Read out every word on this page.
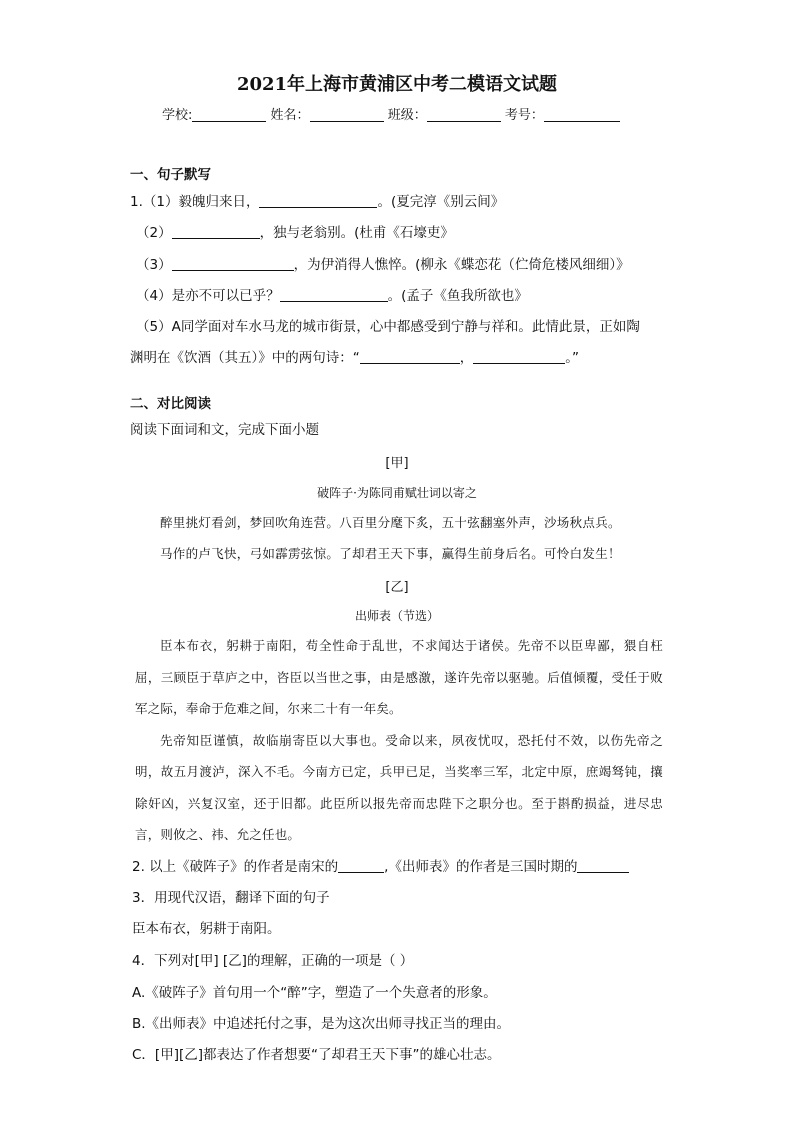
2021年上海市黄浦区中考二模语文试题
学校:	姓名：	班级：	考号：
一、句子默写
1.（1）毅魄归来日，	。(夏完淳《别云间》
（2）	，独与老翁别。(杜甫《石壕吏》
（3）	，为伊消得人憔悴。(柳永《蝶恋花（伫倚危楼风细细）》
（4）是亦不可以已乎？	。(孟子《鱼我所欲也》
（5）A同学面对车水马龙的城市街景，心中都感受到宁静与祥和。此情此景，正如陶
渊明在《饮酒（其五）》中的两句诗：“	，	。”
二、对比阅读
阅读下面词和文，完成下面小题
[甲]
破阵子·为陈同甫赋壮词以寄之
醉里挑灯看剑，梦回吹角连营。八百里分麾下炙，五十弦翻塞外声，沙场秋点兵。
马作的卢飞快，弓如霹雳弦惊。了却君王天下事，赢得生前身后名。可怜白发生！
[乙]
出师表（节选）

臣本布衣，躬耕于南阳，苟全性命于乱世，不求闻达于诸侯。先帝不以臣卑鄙，猥自枉屈，三顾臣于草庐之中，咨臣以当世之事，由是感激，遂许先帝以驱驰。后值倾覆，受任于败军之际，奉命于危难之间，尔来二十有一年矣。

先帝知臣谨慎，故临崩寄臣以大事也。受命以来，夙夜忧叹，恐托付不效，以伤先帝之明，故五月渡泸，深入不毛。今南方已定，兵甲已足，当奖率三军，北定中原，庶竭驽钝，攘除奸凶，兴复汉室，还于旧都。此臣所以报先帝而忠陛下之职分也。至于斟酌损益，进尽忠言，则攸之、祎、允之任也。

2. 以上《破阵子》的作者是南宋的	,《出师表》的作者是三国时期的
3．用现代汉语，翻译下面的句子
臣本布衣，躬耕于南阳。
4．下列对[甲] [乙]的理解，正确的一项是（ ）
A.《破阵子》首句用一个“醉”字，塑造了一个失意者的形象。
B.《出师表》中追述托付之事，是为这次出师寻找正当的理由。
C．[甲][乙]都表达了作者想要“了却君王天下事”的雄心壮志。
